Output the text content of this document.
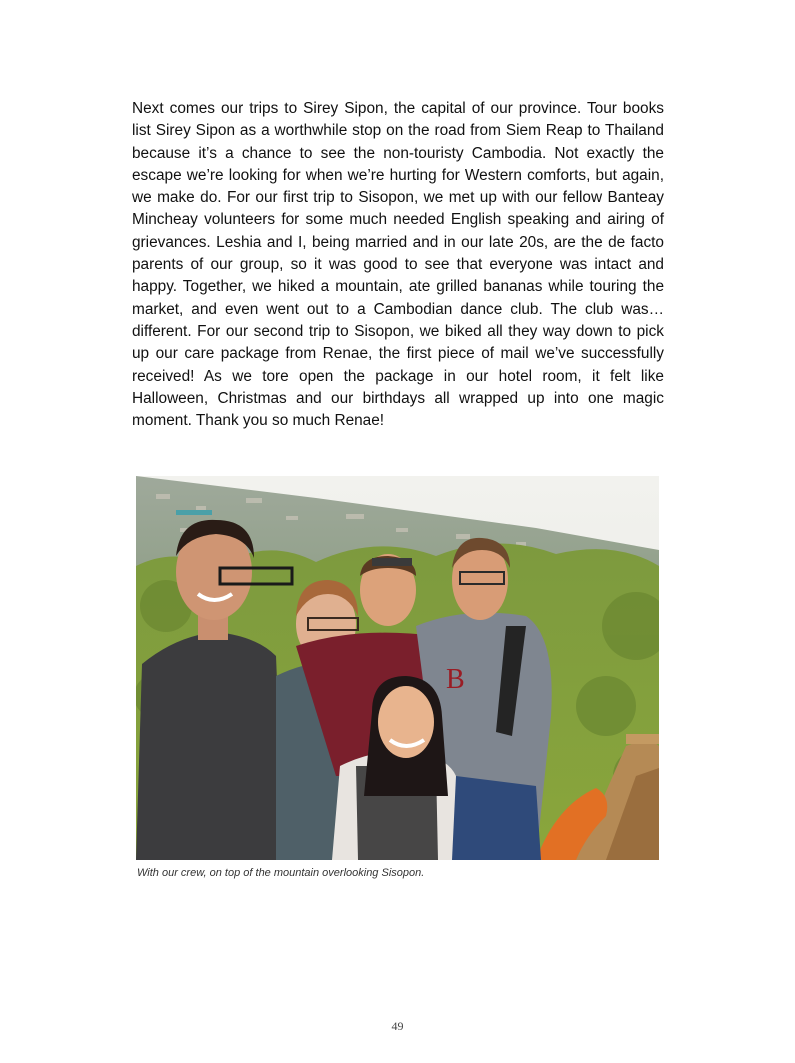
Next comes our trips to Sirey Sipon, the capital of our province. Tour books list Sirey Sipon as a worthwhile stop on the road from Siem Reap to Thailand because it’s a chance to see the non-touristy Cambodia. Not exactly the escape we’re looking for when we’re hurting for Western comforts, but again, we make do. For our first trip to Sisopon, we met up with our fellow Banteay Mincheay volunteers for some much needed English speaking and airing of grievances. Leshia and I, being married and in our late 20s, are the de facto parents of our group, so it was good to see that everyone was intact and happy. Together, we hiked a mountain, ate grilled bananas while touring the market, and even went out to a Cambodian dance club. The club was…different. For our second trip to Sisopon, we biked all they way down to pick up our care package from Renae, the first piece of mail we’ve successfully received! As we tore open the package in our hotel room, it felt like Halloween, Christmas and our birthdays all wrapped up into one magic moment. Thank you so much Renae!

B

With our crew, on top of the mountain overlooking Sisopon.

49
